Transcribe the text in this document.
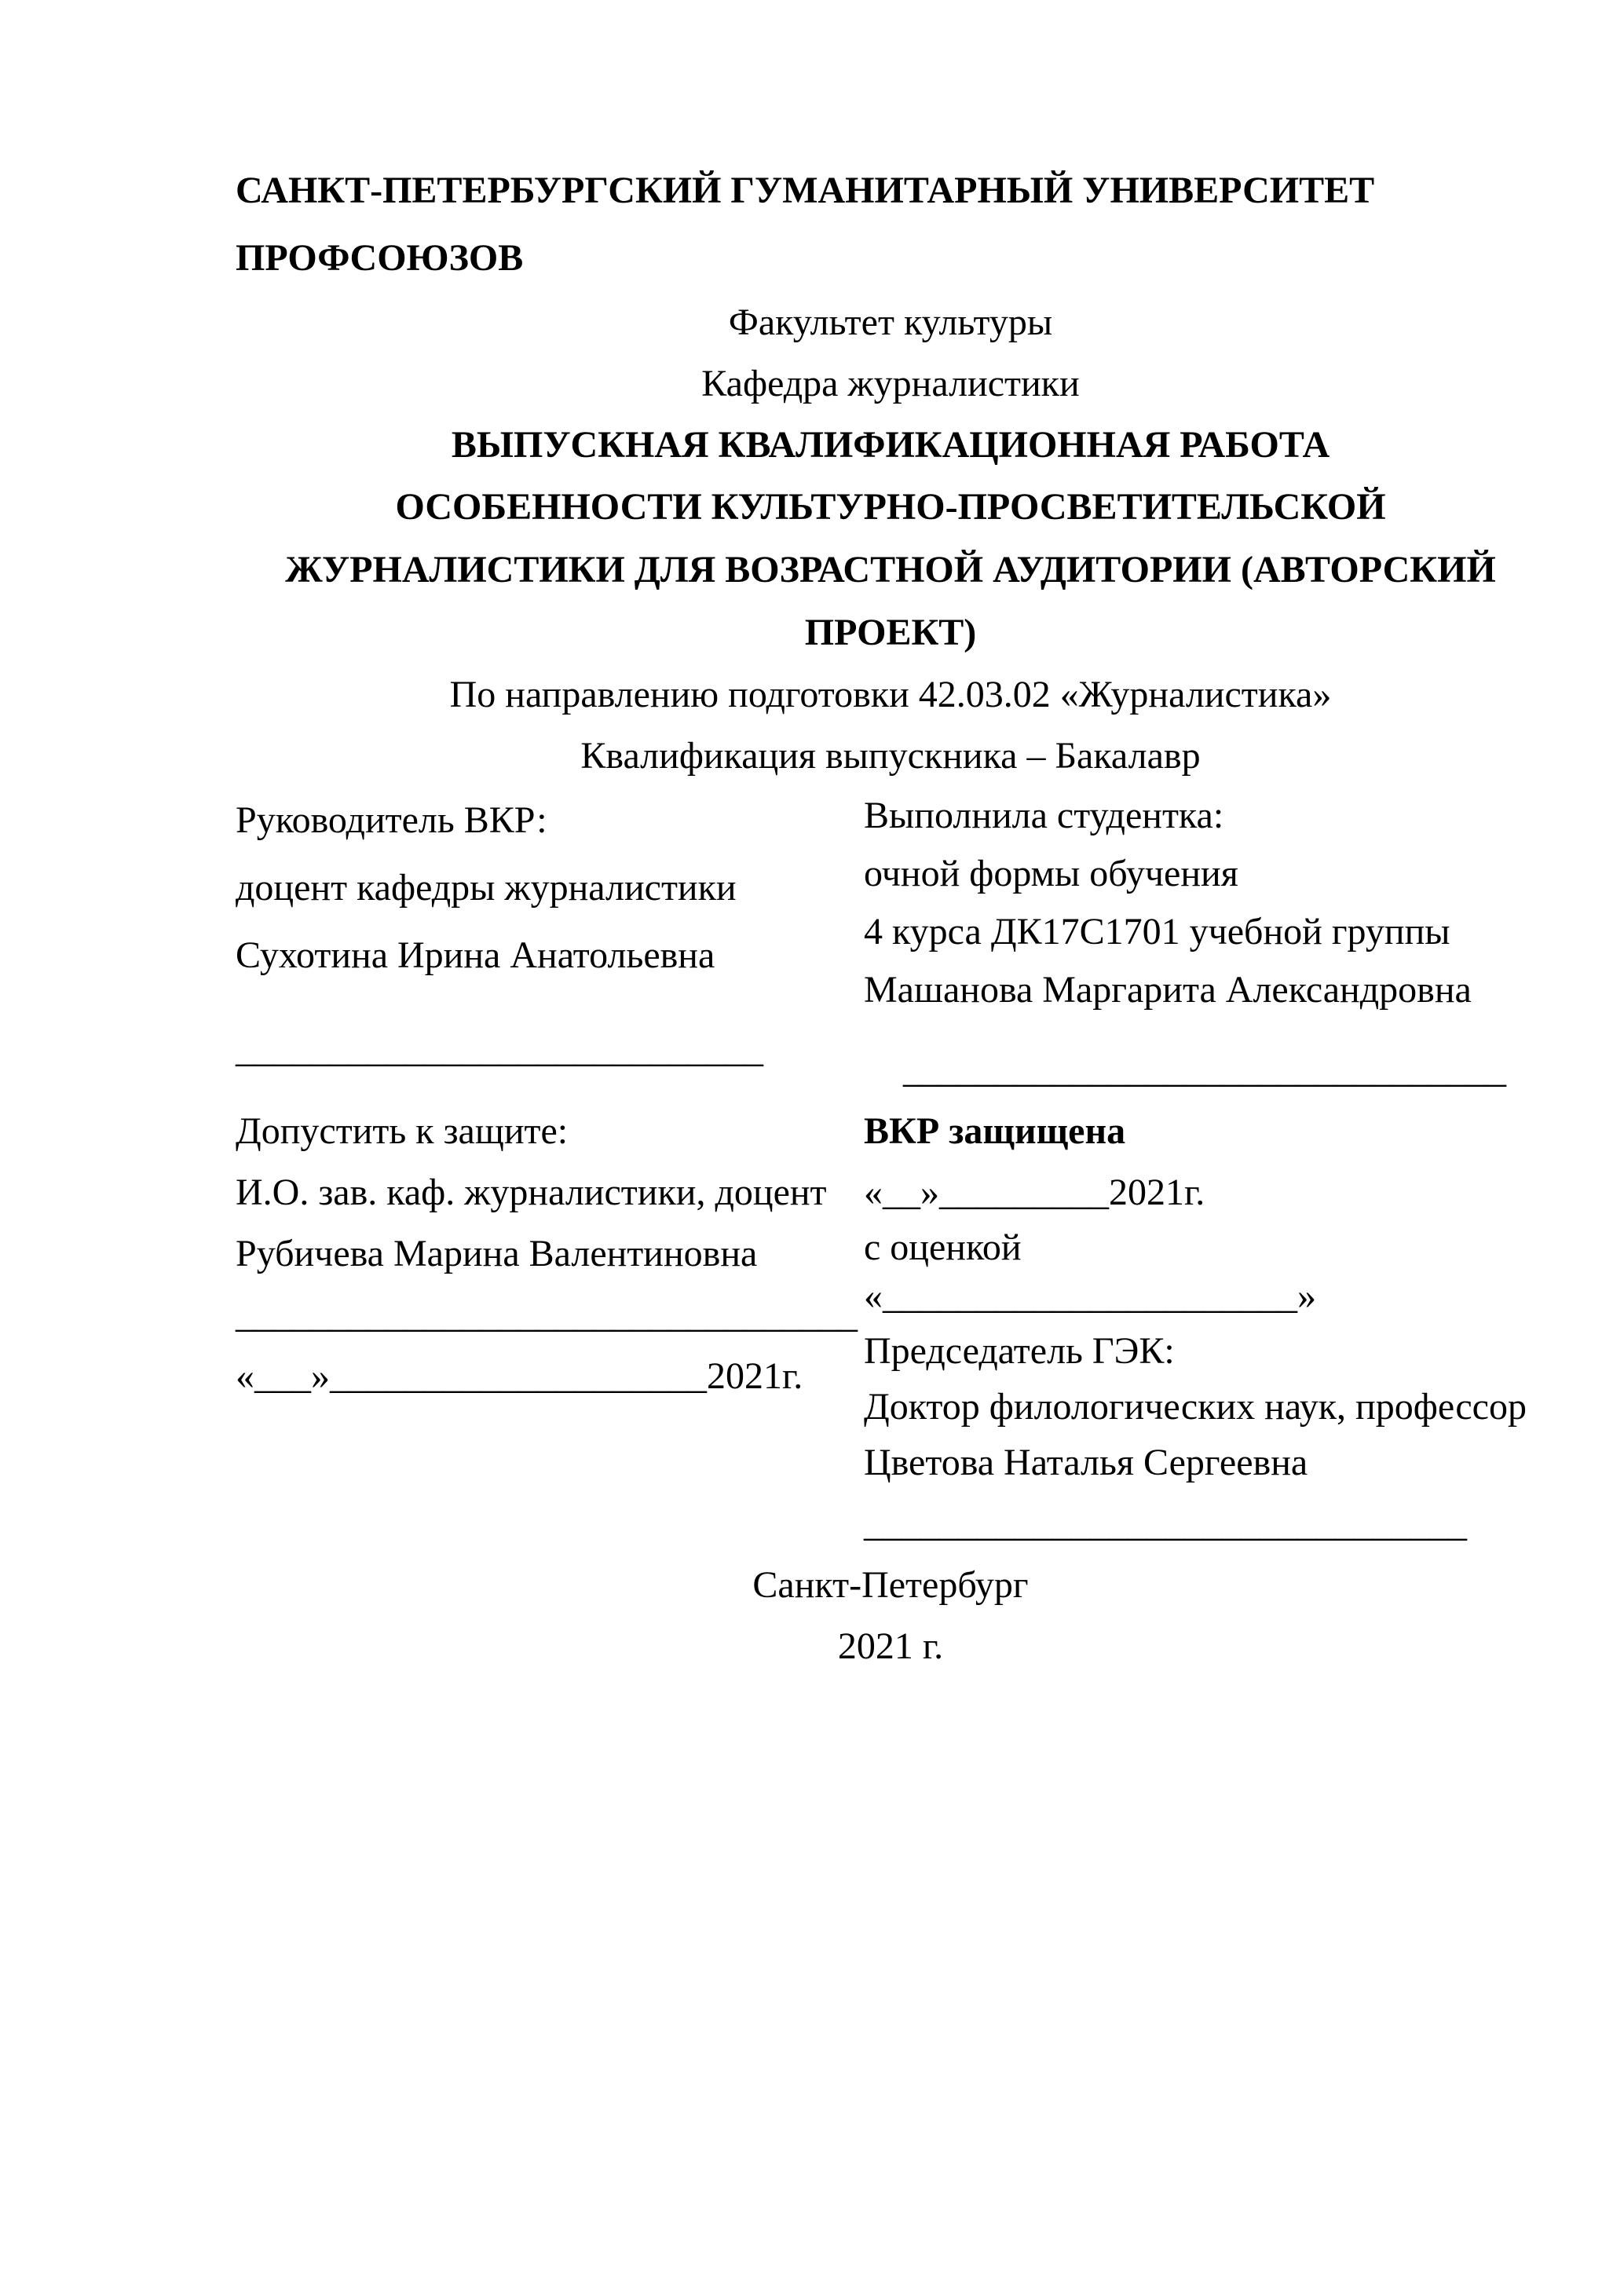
САНКТ-ПЕТЕРБУРГСКИЙ ГУМАНИТАРНЫЙ УНИВЕРСИТЕТ ПРОФСОЮЗОВ
Факультет культуры
Кафедра журналистики
ВЫПУСКНАЯ КВАЛИФИКАЦИОННАЯ РАБОТА
ОСОБЕННОСТИ КУЛЬТУРНО-ПРОСВЕТИТЕЛЬСКОЙ ЖУРНАЛИСТИКИ ДЛЯ ВОЗРАСТНОЙ АУДИТОРИИ (АВТОРСКИЙ ПРОЕКТ)
По направлению подготовки 42.03.02 «Журналистика»
Квалификация выпускника – Бакалавр
Руководитель ВКР:
доцент кафедры журналистики
Сухотина Ирина Анатольевна
Выполнила студентка:
очной формы обучения
4 курса ДК17С1701 учебной группы
Машанова Маргарита Александровна
____________________________	________________________________
Допустить к защите:
И.О. зав. каф. журналистики, доцент
Рубичева Марина Валентиновна
_________________________________
«___»____________________2021г.
ВКР защищена
«__»_________2021г.
с оценкой
«______________________»
Председатель ГЭК:
Доктор филологических наук, профессор
Цветова Наталья Сергеевна
________________________________
Санкт-Петербург
2021 г.
